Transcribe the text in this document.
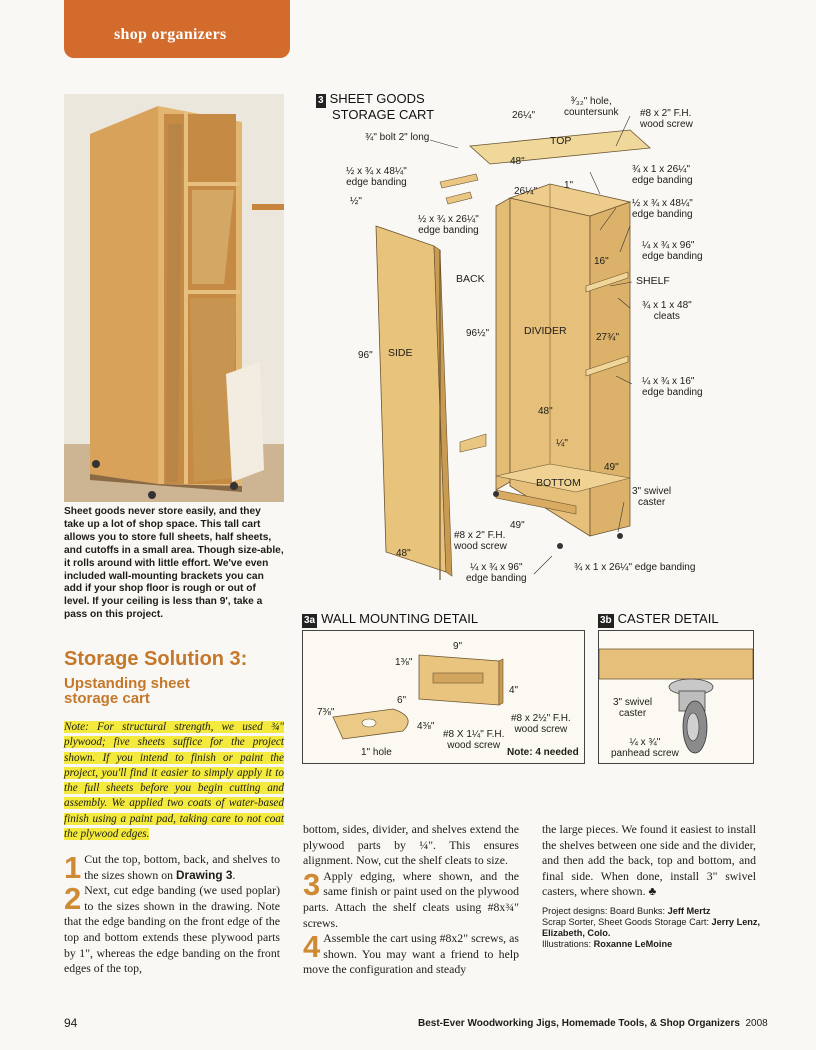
shop organizers
Sheet goods never store easily, and they take up a lot of shop space. This tall cart allows you to store full sheets, half sheets, and cutoffs in a small area. Though size-able, it rolls around with little effort. We've even included wall-mounting brackets you can add if your shop floor is rough or out of level. If your ceiling is less than 9', take a pass on this project.
3 SHEET GOODS
STORAGE CART
¾" bolt 2" long
½ x ¾ x 48¼"
edge banding
½"
½ x ¾ x 26¼"
edge banding
26¼"
48"
26¼"
1"
³⁄₃₂" hole,
countersunk #8 x 2" F.H.
wood screw
TOP
¾ x 1 x 26¼"
edge banding
½ x ¾ x 48¼"
edge banding
¼ x ¾ x 96"
edge banding
16"
SHELF
¾ x 1 x 48"
cleats
BACK
96½"	DIVIDER
27¾"
¼ x ¾ x 16"
edge banding
96" SIDE
48"
¼"
BOTTOM
49"
3" swivel
caster
49"
#8 x 2" F.H.
wood screw
48"
¼ x ¾ x 96"
edge banding
¾ x 1 x 26¼" edge banding
3a WALL MOUNTING DETAIL
9"
1⅜"
4"
6"
7⅜"
4⅜"
#8 x 2½" F.H.
wood screw
#8 X 1¼" F.H.
wood screw
1" hole	Note: 4 needed
3b CASTER DETAIL
3" swivel
caster
¼ x ¾"
panhead screw
Storage Solution 3:
Upstanding sheet
storage cart
Note: For structural strength, we used ¾" plywood; five sheets suffice for the project shown. If you intend to finish or paint the project, you'll find it easier to simply apply it to the full sheets before you begin cutting and assembly. We applied two coats of water-based finish using a paint pad, taking care to not coat the plywood edges.

1 Cut the top, bottom, back, and shelves to the sizes shown on Drawing 3.

2 Next, cut edge banding (we used poplar) to the sizes shown in the drawing. Note that the edge banding on the front edge of the top and bottom extends these plywood parts by 1", whereas the edge banding on the front edges of the top,

bottom, sides, divider, and shelves extend the plywood parts by ¼". This ensures alignment. Now, cut the shelf cleats to size.

3 Apply edging, where shown, and the same finish or paint used on the plywood parts. Attach the shelf cleats using #8x¾" screws.

4 Assemble the cart using #8x2" screws, as shown. You may want a friend to help move the configuration and steady

the large pieces. We found it easiest to install the shelves between one side and the divider, and then add the back, top and bottom, and final side. When done, install 3" swivel casters, where shown. ♣

Project designs: Board Bunks: Jeff Mertz
Scrap Sorter, Sheet Goods Storage Cart: Jerry Lenz, Elizabeth, Colo.
Illustrations: Roxanne LeMoine
94	Best-Ever Woodworking Jigs, Homemade Tools, & Shop Organizers 2008
